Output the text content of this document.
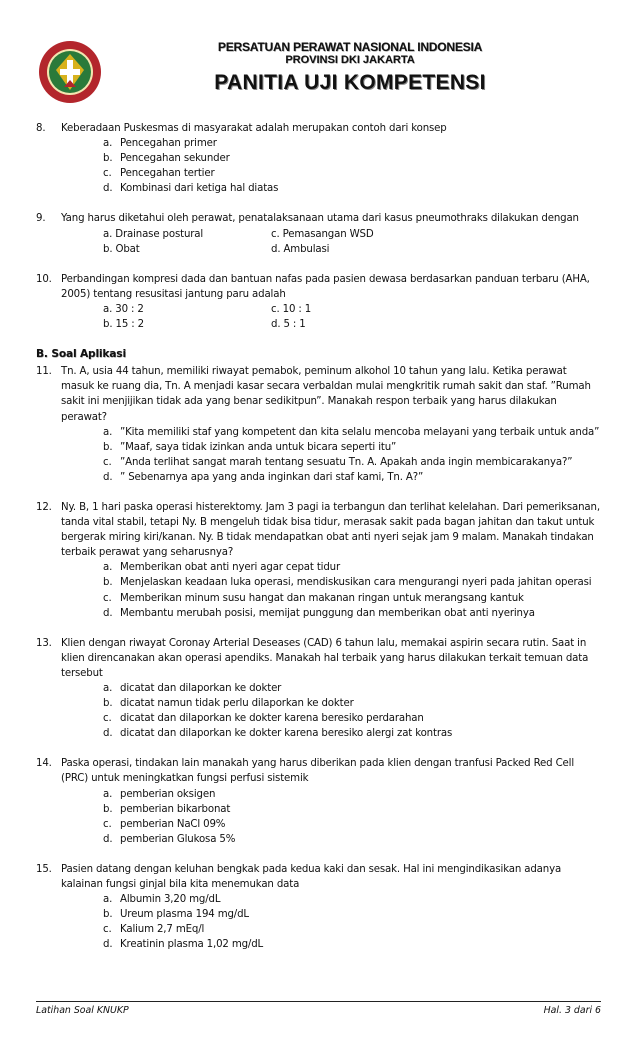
PERSATUAN PERAWAT NASIONAL INDONESIA
PROVINSI DKI JAKARTA
PANITIA UJI KOMPETENSI
8. Keberadaan Puskesmas di masyarakat adalah merupakan contoh dari konsep
a. Pencegahan primer
b. Pencegahan sekunder
c. Pencegahan tertier
d. Kombinasi dari ketiga hal diatas
9. Yang harus diketahui oleh perawat, penatalaksanaan utama dari kasus pneumothraks dilakukan dengan
a. Drainase postural	c. Pemasangan WSD
b. Obat	d. Ambulasi
10. Perbandingan kompresi dada dan bantuan nafas pada pasien dewasa berdasarkan panduan terbaru (AHA, 2005) tentang resusitasi jantung paru adalah
a. 30 : 2	c. 10 : 1
b. 15 : 2	d. 5 : 1
B. Soal Aplikasi
11. Tn. A, usia 44 tahun, memiliki riwayat pemabok, peminum alkohol 10 tahun yang lalu. Ketika perawat masuk ke ruang dia, Tn. A menjadi kasar secara verbaldan mulai mengkritik rumah sakit dan staf. ”Rumah sakit ini menjijikan tidak ada yang benar sedikitpun”. Manakah respon terbaik yang harus dilakukan perawat?
a. ”Kita memiliki staf yang kompetent dan kita selalu mencoba melayani yang terbaik untuk anda”
b. ”Maaf, saya tidak izinkan anda untuk bicara seperti itu”
c. ”Anda terlihat sangat marah tentang sesuatu Tn. A. Apakah anda ingin membicarakanya?”
d. ” Sebenarnya apa yang anda inginkan dari staf kami, Tn. A?”
12. Ny. B, 1 hari paska operasi histerektomy. Jam 3 pagi ia terbangun dan terlihat kelelahan. Dari pemeriksanan, tanda vital stabil, tetapi Ny. B mengeluh tidak bisa tidur, merasak sakit pada bagan jahitan dan takut untuk bergerak miring kiri/kanan. Ny. B tidak mendapatkan obat anti nyeri sejak jam 9 malam. Manakah tindakan terbaik perawat yang seharusnya?
a. Memberikan obat anti nyeri agar cepat tidur
b. Menjelaskan keadaan luka operasi, mendiskusikan cara mengurangi nyeri pada jahitan operasi
c. Memberikan minum susu hangat dan makanan ringan untuk merangsang kantuk
d. Membantu merubah posisi, memijat punggung dan memberikan obat anti nyerinya
13. Klien dengan riwayat Coronay Arterial Deseases (CAD) 6 tahun lalu, memakai aspirin secara rutin. Saat in klien direncanakan akan operasi apendiks. Manakah hal terbaik yang harus dilakukan terkait temuan data tersebut
a. dicatat dan dilaporkan ke dokter
b. dicatat namun tidak perlu dilaporkan ke dokter
c. dicatat dan dilaporkan ke dokter karena beresiko perdarahan
d. dicatat dan dilaporkan ke dokter karena beresiko alergi zat kontras
14. Paska operasi, tindakan lain manakah yang harus diberikan pada klien dengan tranfusi Packed Red Cell (PRC) untuk meningkatkan fungsi perfusi sistemik
a. pemberian oksigen
b. pemberian bikarbonat
c. pemberian NaCl 09%
d. pemberian Glukosa 5%
15. Pasien datang dengan keluhan bengkak pada kedua kaki dan sesak. Hal ini mengindikasikan adanya kalainan fungsi ginjal bila kita menemukan data
a. Albumin 3,20 mg/dL
b. Ureum plasma 194 mg/dL
c. Kalium 2,7 mEq/l
d. Kreatinin plasma 1,02 mg/dL
Latihan Soal KNUKP	Hal. 3 dari 6
